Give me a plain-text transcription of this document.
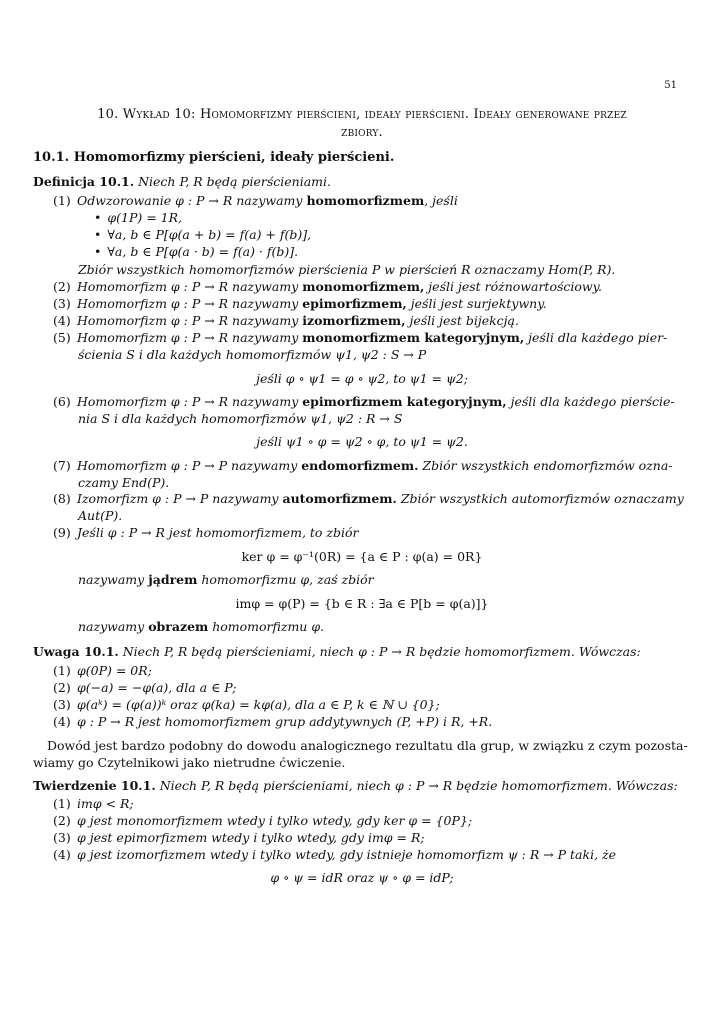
51
10. Wykład 10: Homomorfizmy pierścieni, ideały pierścieni. Ideały generowane przez
zbiory.
10.1. Homomorfizmy pierścieni, ideały pierścieni.
Definicja 10.1. Niech P, R będą pierścieniami.
(1) Odwzorowanie φ : P → R nazywamy homomorfizmem, jeśli
• φ(1P) = 1R,
• ∀a, b ∈ P[φ(a + b) = f(a) + f(b)],
• ∀a, b ∈ P[φ(a · b) = f(a) · f(b)].
Zbiór wszystkich homomorfizmów pierścienia P w pierścień R oznaczamy Hom(P, R).
(2) Homomorfizm φ : P → R nazywamy monomorfizmem, jeśli jest różnowartościowy.
(3) Homomorfizm φ : P → R nazywamy epimorfizmem, jeśli jest surjektywny.
(4) Homomorfizm φ : P → R nazywamy izomorfizmem, jeśli jest bijekcją.
(5) Homomorfizm φ : P → R nazywamy monomorfizmem kategoryjnym, jeśli dla każdego pier-
ścienia S i dla każdych homomorfizmów ψ1, ψ2 : S → P
jeśli φ ∘ ψ1 = φ ∘ ψ2, to ψ1 = ψ2;
(6) Homomorfizm φ : P → R nazywamy epimorfizmem kategoryjnym, jeśli dla każdego pierście-
nia S i dla każdych homomorfizmów ψ1, ψ2 : R → S
jeśli ψ1 ∘ φ = ψ2 ∘ φ, to ψ1 = ψ2.
(7) Homomorfizm φ : P → P nazywamy endomorfizmem. Zbiór wszystkich endomorfizmów ozna-
czamy End(P).
(8) Izomorfizm φ : P → P nazywamy automorfizmem. Zbiór wszystkich automorfizmów oznaczamy
Aut(P).
(9) Jeśli φ : P → R jest homomorfizmem, to zbiór
ker φ = φ⁻¹(0R) = {a ∈ P : φ(a) = 0R}
nazywamy jądrem homomorfizmu φ, zaś zbiór
imφ = φ(P) = {b ∈ R : ∃a ∈ P[b = φ(a)]}
nazywamy obrazem homomorfizmu φ.
Uwaga 10.1. Niech P, R będą pierścieniami, niech φ : P → R będzie homomorfizmem. Wówczas:
(1) φ(0P) = 0R;
(2) φ(−a) = −φ(a), dla a ∈ P;
(3) φ(aᵏ) = (φ(a))ᵏ oraz φ(ka) = kφ(a), dla a ∈ P, k ∈ ℕ ∪ {0};
(4) φ : P → R jest homomorfizmem grup addytywnych (P, +P) i R, +R.
Dowód jest bardzo podobny do dowodu analogicznego rezultatu dla grup, w związku z czym pozosta-
wiamy go Czytelnikowi jako nietrudne ćwiczenie.
Twierdzenie 10.1. Niech P, R będą pierścieniami, niech φ : P → R będzie homomorfizmem. Wówczas:
(1) imφ < R;
(2) φ jest monomorfizmem wtedy i tylko wtedy, gdy ker φ = {0P};
(3) φ jest epimorfizmem wtedy i tylko wtedy, gdy imφ = R;
(4) φ jest izomorfizmem wtedy i tylko wtedy, gdy istnieje homomorfizm ψ : R → P taki, że
φ ∘ ψ = idR oraz ψ ∘ φ = idP;
